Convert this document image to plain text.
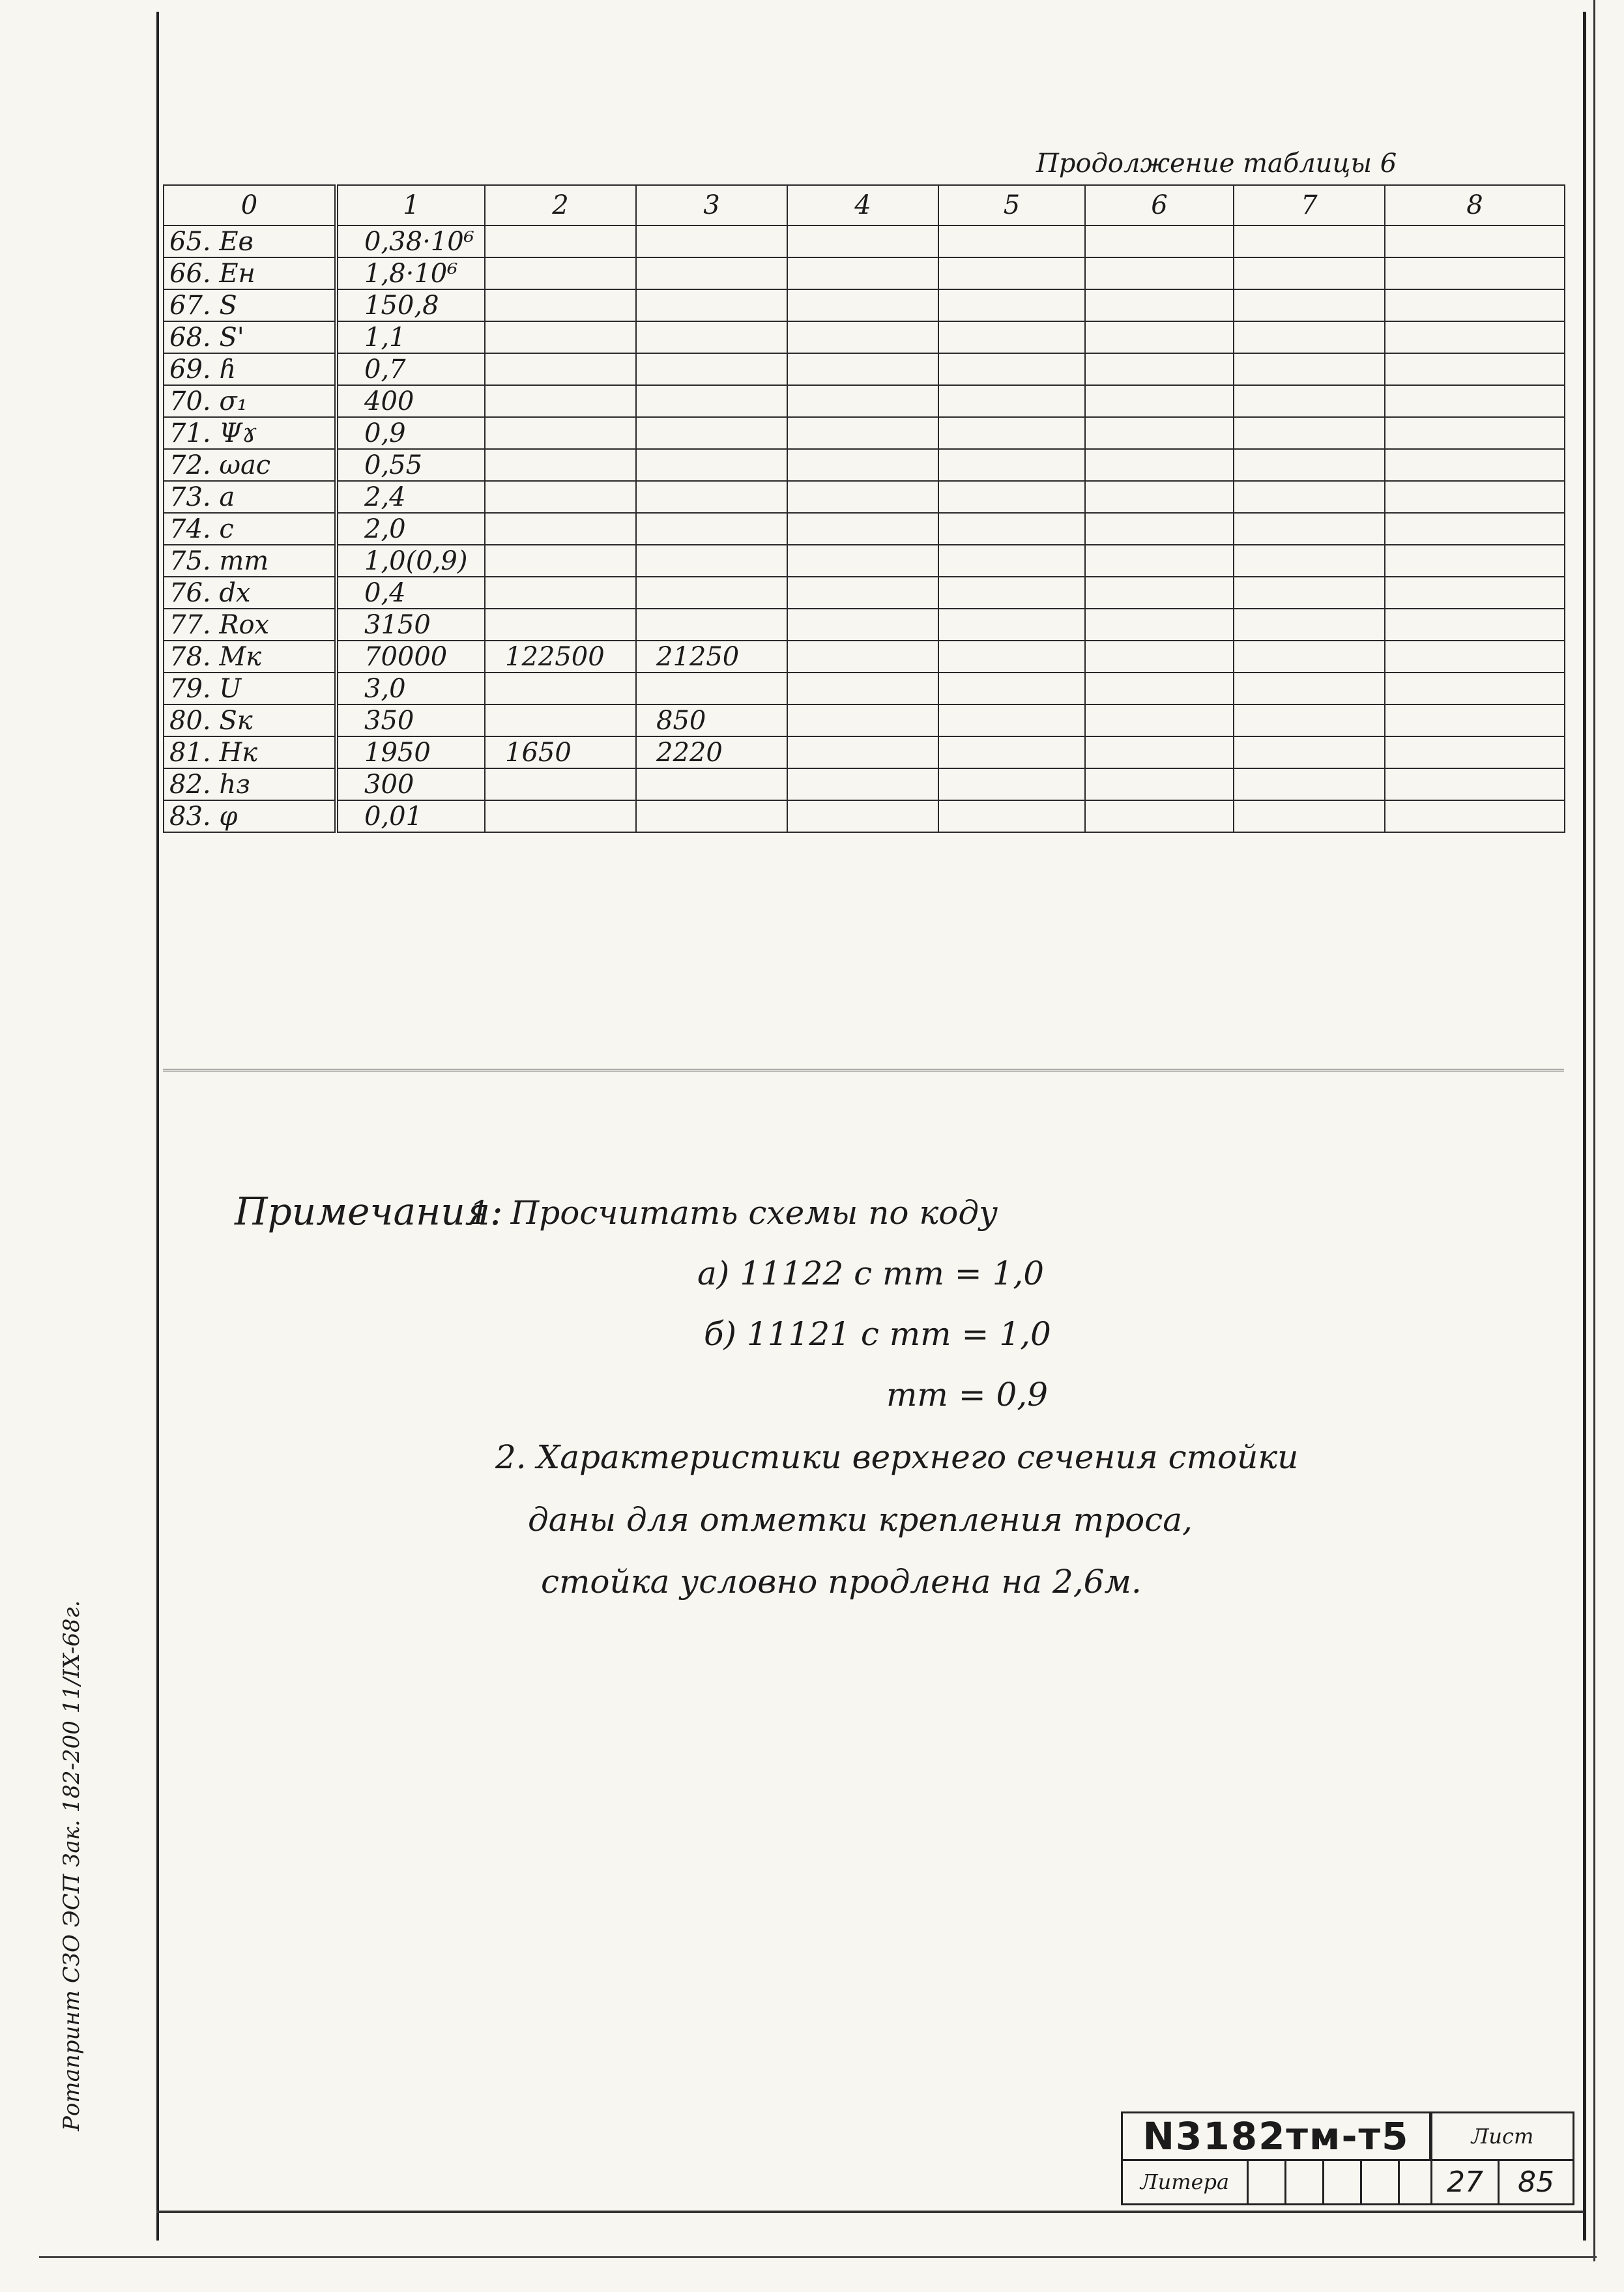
Продолжение таблицы 6
0	1	2	3	4	5	6	7	8
65. Ев	0,38·10⁶							
66. Ен	1,8·10⁶							
67. S	150,8							
68. S'	1,1							
69. ɦ	0,7							
70. σ₁	400							
71. Ψɤ	0,9							
72. ωас	0,55							
73. a	2,4							
74. c	2,0							
75. mт	1,0(0,9)							
76. dx	0,4							
77. Rox	3150							
78. Mк	70000	122500	21250					
79. U	3,0							
80. Sк	350		850					
81. Hк	1950	1650	2220					
82. hз	300							
83. φ	0,01							
Примечания:
1. Просчитать схемы по коду
а) 11122 с mт = 1,0
б) 11121 с mт = 1,0
mт = 0,9
2. Характеристики верхнего сечения стойки
даны для отметки крепления троса,
стойка условно продлена на 2,6м.
N3182тм-т5	Лист
Литера	27	85
Ротапринт СЗО ЭСП Зак. 182-200 11/IX-68г.
